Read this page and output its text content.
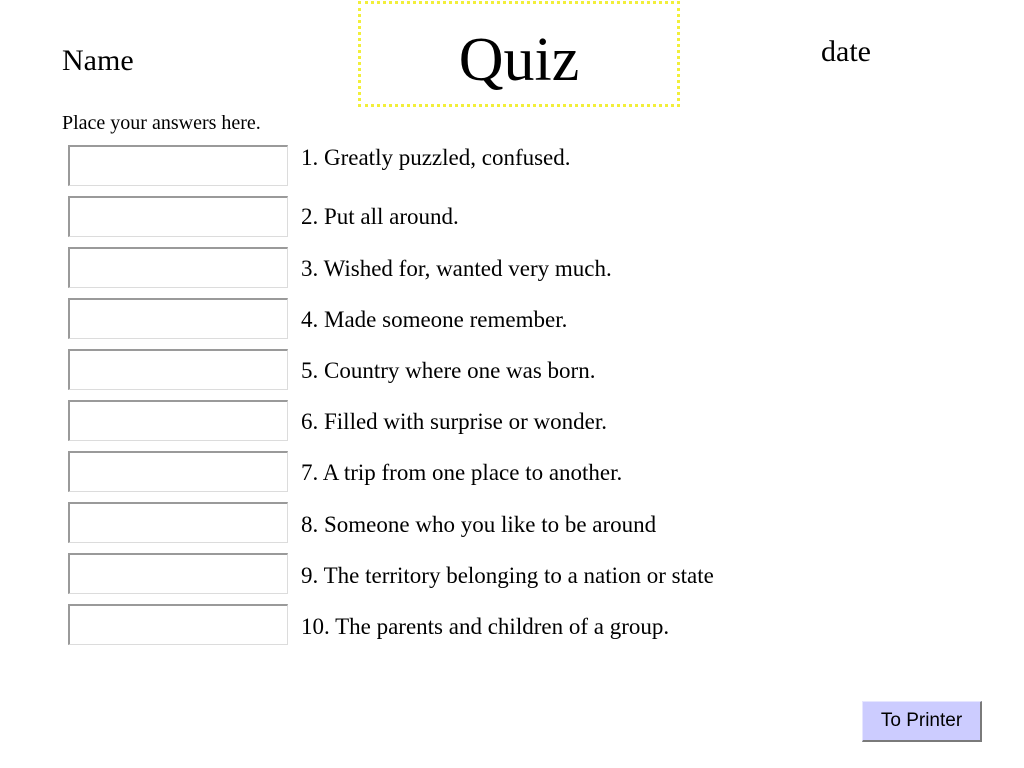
Name	Quiz	date
Place your answers here.
1. Greatly puzzled, confused.
2. Put all around.
3. Wished for, wanted very much.
4. Made someone remember.
5. Country where one was born.
6. Filled with surprise or wonder.
7. A trip from one place to another.
8. Someone who you like to be around
9. The territory belonging to a nation or state
10. The parents and children of a group.
To Printer
